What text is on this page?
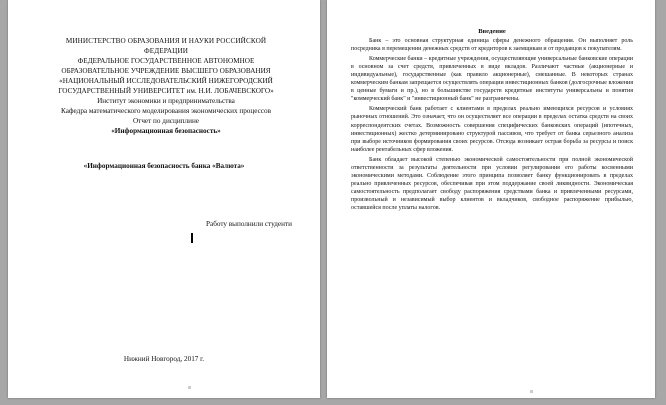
МИНИСТЕРСТВО ОБРАЗОВАНИЯ И НАУКИ РОССИЙСКОЙ
ФЕДЕРАЦИИ
ФЕДЕРАЛЬНОЕ ГОСУДАРСТВЕННОЕ АВТОНОМНОЕ
ОБРАЗОВАТЕЛЬНОЕ УЧРЕЖДЕНИЕ ВЫСШЕГО ОБРАЗОВАНИЯ
«НАЦИОНАЛЬНЫЙ ИССЛЕДОВАТЕЛЬСКИЙ НИЖЕГОРОДСКИЙ
ГОСУДАРСТВЕННЫЙ УНИВЕРСИТЕТ им. Н.И. ЛОБАЧЕВСКОГО»
Институт экономики и предпринимательства
Кафедра математического моделирования экономических процессов
Отчет по дисциплине
«Информационная безопасность»
«Информационная безопасность банка «Валюта»
Работу выполнили студенти
Нижний Новгород, 2017 г.
Введение

Банк – это основная структурная единица сферы денежного обращения. Он выполняет роль посредника в перемещении денежных средств от кредиторов к заемщикам и от продавцов к покупателям.

Коммерческие банки – кредитные учреждения, осуществляющие универсальные банковские операции в основном за счет средств, привлеченных в виде вкладов. Различают частные (акционерные и индивидуальные), государственные (как правило акционерные), смешанные. В некоторых странах коммерческим банкам запрещается осуществлять операции инвестиционных банков (долгосрочные вложения в ценные бумаги и пр.), но в большинстве государств кредитные институты универсальны и понятия "коммерческий банк" и "инвестиционный банк" не разграничены.

Коммерческий банк работает с клиентами в пределах реально имеющихся ресурсов и условиях рыночных отношений. Это означает, что он осуществляет все операции в пределах остатка средств на своих корреспондентских счетах. Возможность совершения специфических банковских операций (ипотечных, инвестиционных) жестко детерминировано структурой пассивов, что требует от банка серьезного анализа при выборе источников формирования своих ресурсов. Отсюда возникает острая борьба за ресурсы и поиск наиболее рентабельных сфер вложения.

Банк обладает высокой степенью экономической самостоятельности при полной экономической ответственности за результаты деятельности при условии регулирования его работы косвенными экономическими методами. Соблюдение этого принципа позволяет банку функционировать в пределах реально привлеченных ресурсов, обеспечивая при этом поддержание своей ликвидности. Экономическая самостоятельность предполагает свободу распоряжения средствами банка и привлеченными ресурсами, произвольный и независимый выбор клиентов и вкладчиков, свободное распоряжение прибылью, оставшейся после уплаты налогов.
